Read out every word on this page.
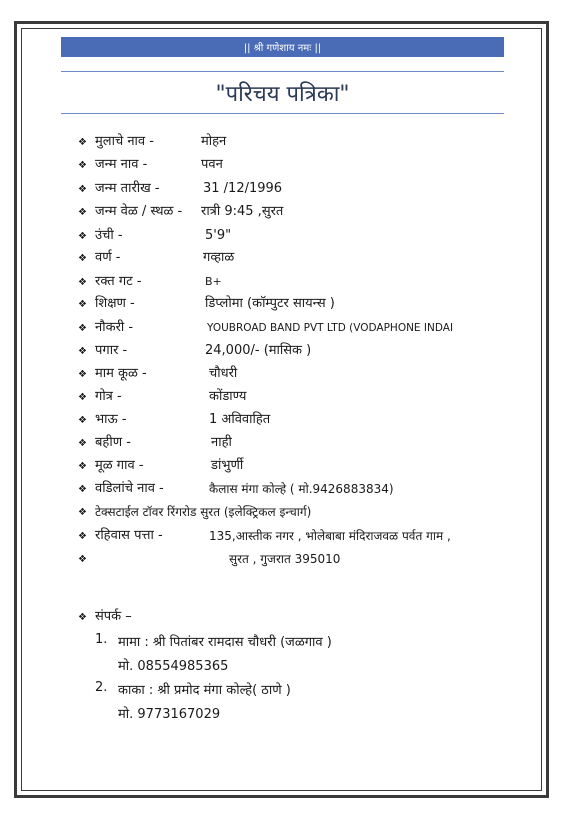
|| श्री गणेशाय नमः ||
"परिचय पत्रिका"
❖ मुलाचे नाव -	मोहन
❖ जन्म नाव -	पवन
❖ जन्म तारीख -	31 /12/1996
❖ जन्म वेळ / स्थळ - रात्री 9:45 ,सुरत
❖ उंची -	5'9"
❖ वर्ण -	गव्हाळ
❖ रक्त गट -	B+
❖ शिक्षण -	डिप्लोमा (कॉम्पुटर सायन्स )
❖ नौकरी -	YOUBROAD BAND PVT LTD (VODAPHONE INDAI
❖ पगार -	24,000/- (मासिक )
❖ माम कूळ -	चौधरी
❖ गोत्र -	कोंडाण्य
❖ भाऊ -	1 अविवाहित
❖ बहीण -	नाही
❖ मूळ गाव -	डांभुर्णी
❖ वडिलांचे नाव -	कैलास मंगा कोल्हे ( मो.9426883834)
❖ टेक्सटाईल टॉवर रिंगरोड सुरत (इलेक्ट्रिकल इन्चार्ग)
❖ रहिवास पत्ता -	135,आस्तीक नगर , भोलेबाबा मंदिराजवळ पर्वत गाम ,
❖	सुरत , गुजरात 395010
❖ संपर्क –
1. मामा : श्री पितांबर रामदास चौधरी (जळगाव )
मो. 08554985365
2. काका : श्री प्रमोद मंगा कोल्हे( ठाणे )
मो. 9773167029
